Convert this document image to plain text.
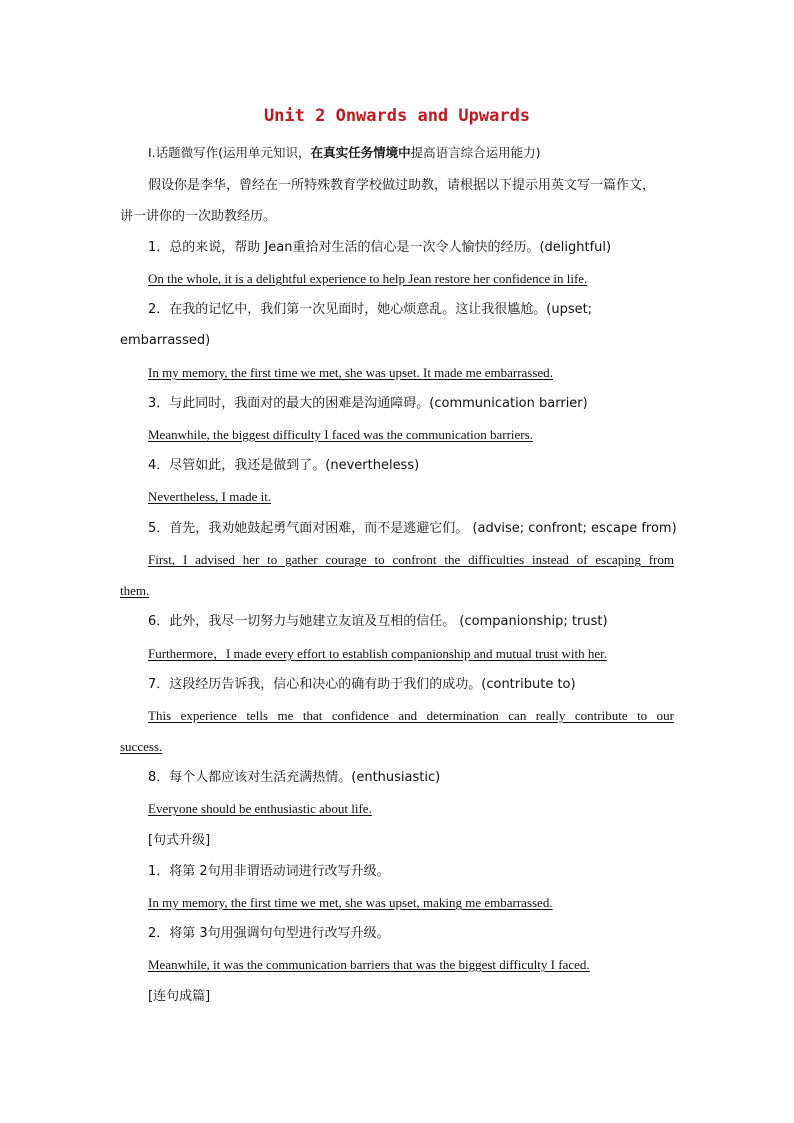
Unit 2 Onwards and Upwards
Ⅰ.话题微写作(运用单元知识，在真实任务情境中提高语言综合运用能力)
假设你是李华，曾经在一所特殊教育学校做过助教，请根据以下提示用英文写一篇作文，
讲一讲你的一次助教经历。
1．总的来说，帮助 Jean重拾对生活的信心是一次令人愉快的经历。(delightful)
On the whole, it is a delightful experience to help Jean restore her confidence in life.
2．在我的记忆中，我们第一次见面时，她心烦意乱。这让我很尴尬。(upset;
embarrassed)
In my memory, the first time we met, she was upset. It made me embarrassed.
3．与此同时，我面对的最大的困难是沟通障碍。(communication barrier)
Meanwhile, the biggest difficulty I faced was the communication barriers.
4．尽管如此，我还是做到了。(nevertheless)
Nevertheless, I made it.
5．首先，我劝她鼓起勇气面对困难，而不是逃避它们。 (advise; confront; escape from)
First, I advised her to gather courage to confront the difficulties instead of escaping from
them.
6．此外，我尽一切努力与她建立友谊及互相的信任。 (companionship; trust)
Furthermore，I made every effort to establish companionship and mutual trust with her.
7．这段经历告诉我，信心和决心的确有助于我们的成功。(contribute to)
This experience tells me that confidence and determination can really contribute to our
success.
8．每个人都应该对生活充满热情。(enthusiastic)
Everyone should be enthusiastic about life.
[句式升级]
1．将第 2句用非谓语动词进行改写升级。
In my memory, the first time we met, she was upset, making me embarrassed.
2．将第 3句用强调句句型进行改写升级。
Meanwhile, it was the communication barriers that was the biggest difficulty I faced.
[连句成篇]
